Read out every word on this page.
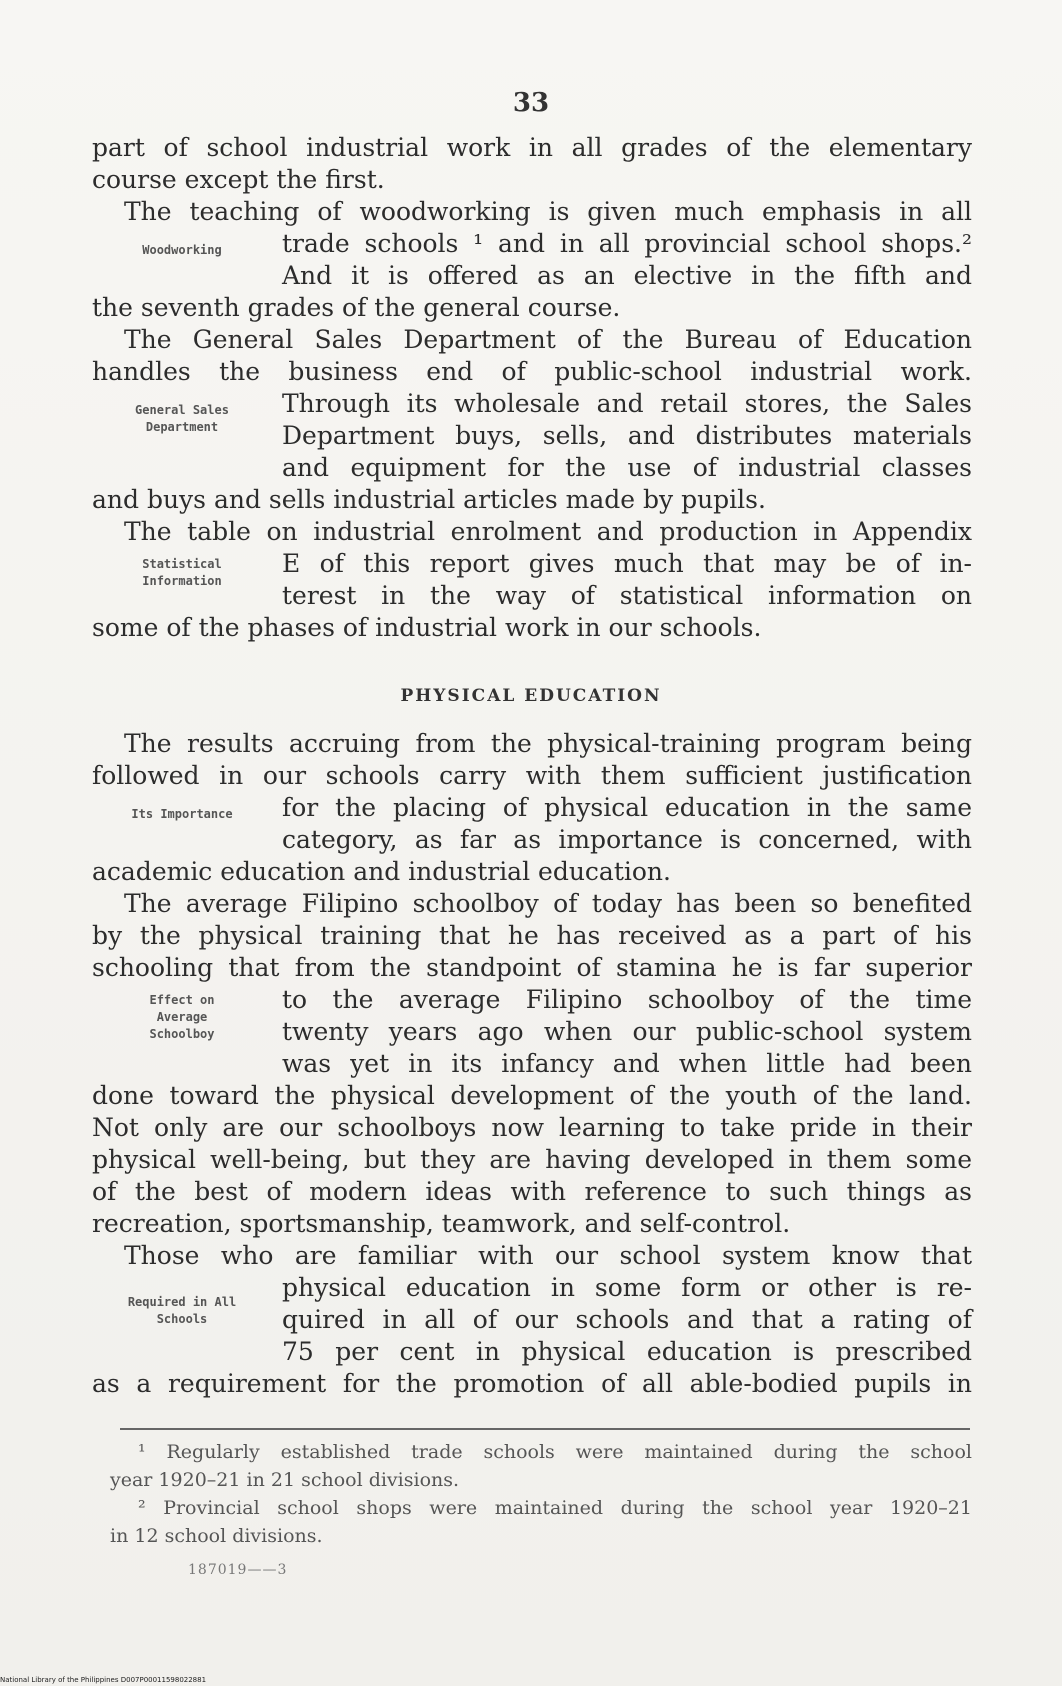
33
part of school industrial work in all grades of the elementary
course except the first.
The teaching of woodworking is given much emphasis in all
Woodworking	trade schools ¹ and in all provincial school shops.²
And it is offered as an elective in the fifth and
the seventh grades of the general course.
The General Sales Department of the Bureau of Education
handles the business end of public-school industrial work.
General Sales
Department
Through its wholesale and retail stores, the Sales
Department buys, sells, and distributes materials
and equipment for the use of industrial classes
and buys and sells industrial articles made by pupils.
The table on industrial enrolment and production in Appendix
Statistical
Information
E of this report gives much that may be of in-
terest in the way of statistical information on
some of the phases of industrial work in our schools.
PHYSICAL EDUCATION
The results accruing from the physical-training program being
followed in our schools carry with them sufficient justification
Its Importance	for the placing of physical education in the same
category, as far as importance is concerned, with
academic education and industrial education.
The average Filipino schoolboy of today has been so benefited
by the physical training that he has received as a part of his
schooling that from the standpoint of stamina he is far superior
Effect on
Average
Schoolboy
to the average Filipino schoolboy of the time
twenty years ago when our public-school system
was yet in its infancy and when little had been
done toward the physical development of the youth of the land.
Not only are our schoolboys now learning to take pride in their
physical well-being, but they are having developed in them some
of the best of modern ideas with reference to such things as
recreation, sportsmanship, teamwork, and self-control.
Those who are familiar with our school system know that
Required in All
Schools
physical education in some form or other is re-
quired in all of our schools and that a rating of
75 per cent in physical education is prescribed
as a requirement for the promotion of all able-bodied pupils in
¹ Regularly established trade schools were maintained during the school
year 1920–21 in 21 school divisions.
² Provincial school shops were maintained during the school year 1920–21
in 12 school divisions.
187019——3
National Library of the Philippines D007P00011598022881
